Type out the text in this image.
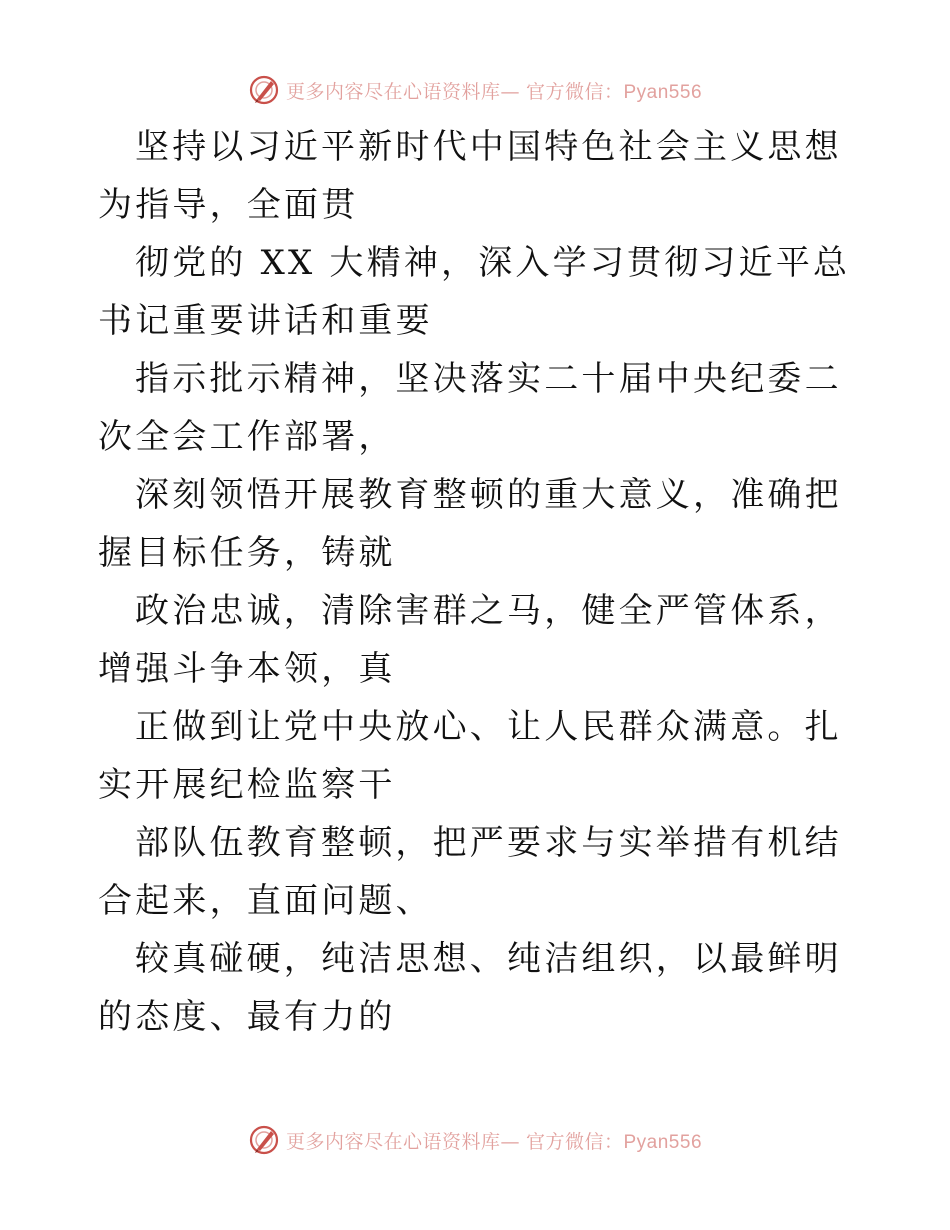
更多内容尽在心语资料库— 官方微信：Pyan556

坚持以习近平新时代中国特色社会主义思想为指导，全面贯

彻党的 XX 大精神，深入学习贯彻习近平总书记重要讲话和重要

指示批示精神，坚决落实二十届中央纪委二次全会工作部署，

深刻领悟开展教育整顿的重大意义，准确把握目标任务，铸就

政治忠诚，清除害群之马，健全严管体系，增强斗争本领，真

正做到让党中央放心、让人民群众满意。扎实开展纪检监察干

部队伍教育整顿，把严要求与实举措有机结合起来，直面问题、

较真碰硬，纯洁思想、纯洁组织，以最鲜明的态度、最有力的

更多内容尽在心语资料库— 官方微信：Pyan556
